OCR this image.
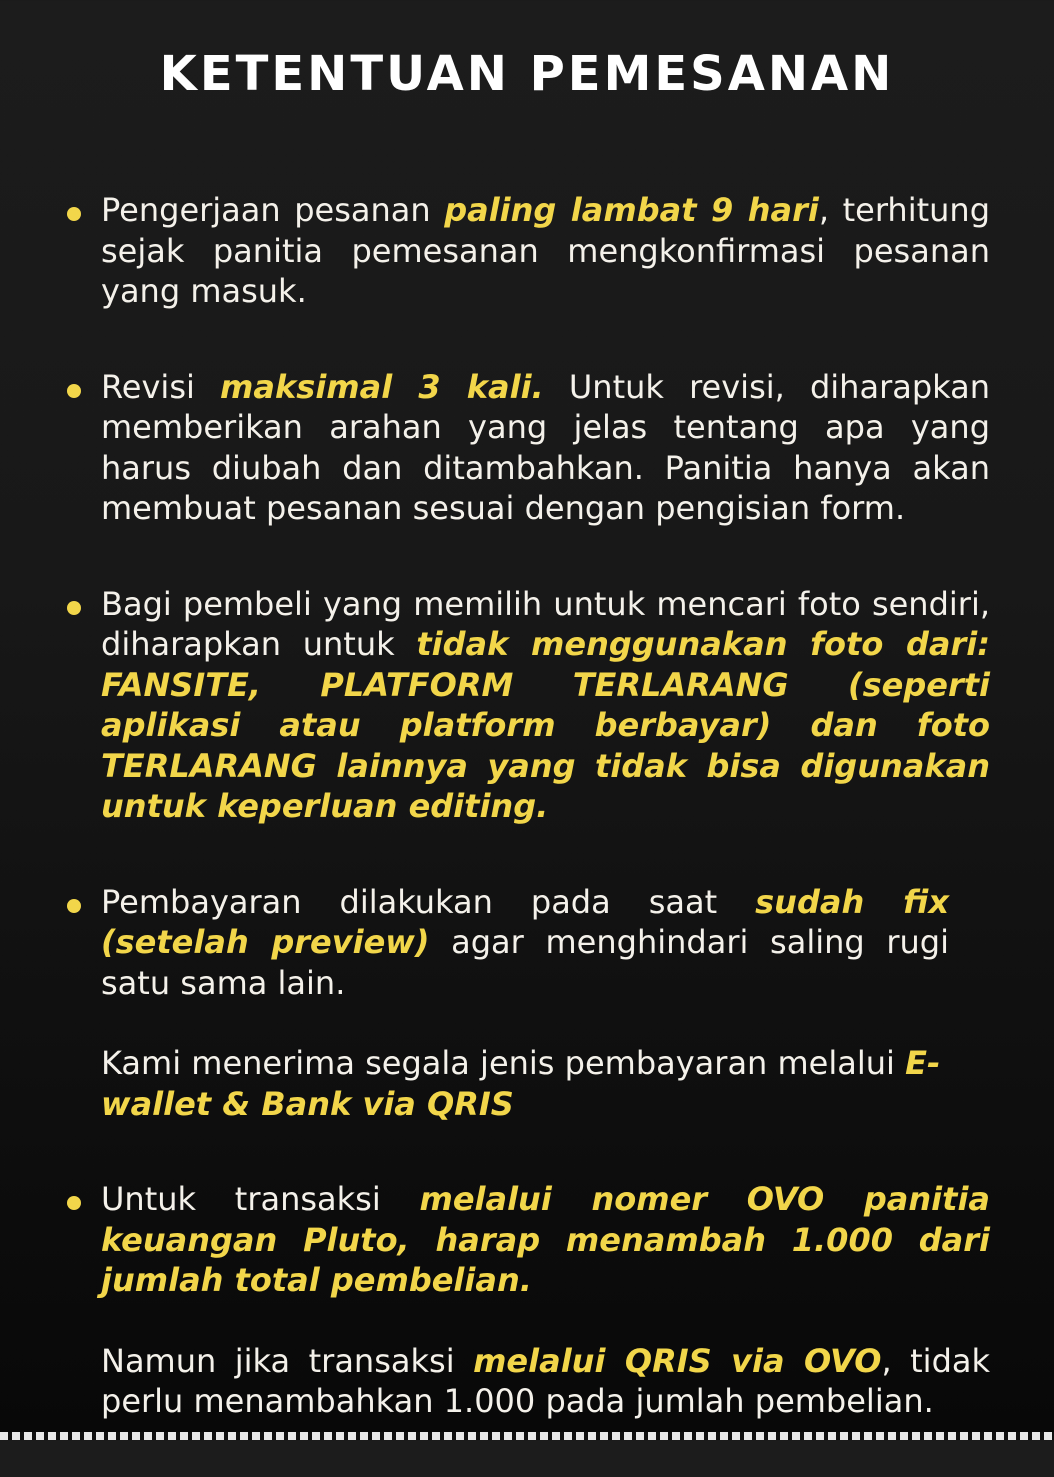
KETENTUAN PEMESANAN
Pengerjaan pesanan paling lambat 9 hari, terhitung sejak panitia pemesanan mengkonfirmasi pesanan yang masuk.
Revisi maksimal 3 kali. Untuk revisi, diharapkan memberikan arahan yang jelas tentang apa yang harus diubah dan ditambahkan. Panitia hanya akan membuat pesanan sesuai dengan pengisian form.
Bagi pembeli yang memilih untuk mencari foto sendiri, diharapkan untuk tidak menggunakan foto dari: FANSITE, PLATFORM TERLARANG (seperti aplikasi atau platform berbayar) dan foto TERLARANG lainnya yang tidak bisa digunakan untuk keperluan editing.
Pembayaran dilakukan pada saat sudah fix (setelah preview) agar menghindari saling rugi satu sama lain.
Kami menerima segala jenis pembayaran melalui E-wallet & Bank via QRIS
Untuk transaksi melalui nomer OVO panitia keuangan Pluto, harap menambah 1.000 dari jumlah total pembelian.
Namun jika transaksi melalui QRIS via OVO, tidak perlu menambahkan 1.000 pada jumlah pembelian.
